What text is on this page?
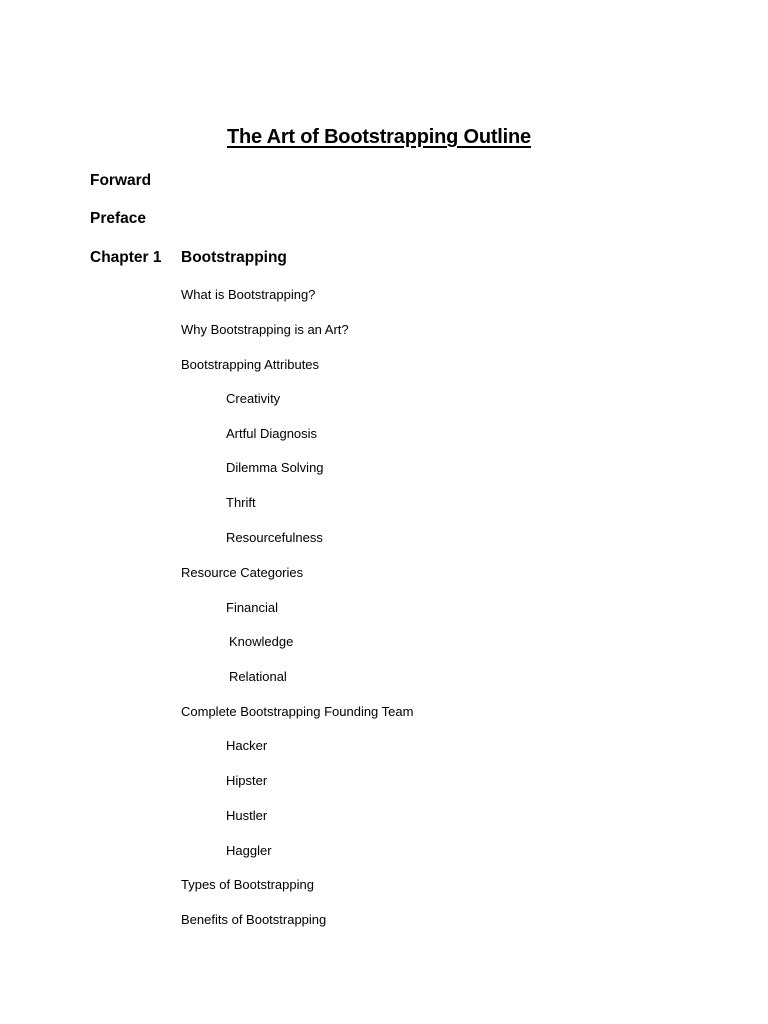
The Art of Bootstrapping Outline
Forward
Preface
Chapter 1 Bootstrapping
What is Bootstrapping?
Why Bootstrapping is an Art?
Bootstrapping Attributes
Creativity
Artful Diagnosis
Dilemma Solving
Thrift
Resourcefulness
Resource Categories
Financial
Knowledge
Relational
Complete Bootstrapping Founding Team
Hacker
Hipster
Hustler
Haggler
Types of Bootstrapping
Benefits of Bootstrapping
